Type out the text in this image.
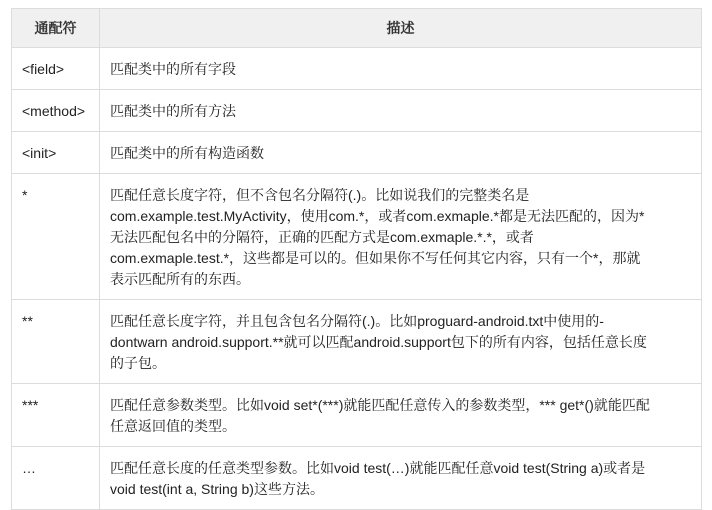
通配符	描述
<field>	匹配类中的所有字段

<method>	匹配类中的所有方法

<init>	匹配类中的所有构造函数

*	匹配任意长度字符，但不含包名分隔符(.)。比如说我们的完整类名是
com.example.test.MyActivity，使用com.*，或者com.exmaple.*都是无法匹配的，因为*
无法匹配包名中的分隔符，正确的匹配方式是com.exmaple.*.*，或者
com.exmaple.test.*，这些都是可以的。但如果你不写任何其它内容，只有一个*，那就
表示匹配所有的东西。

**	匹配任意长度字符，并且包含包名分隔符(.)。比如proguard-android.txt中使用的-
dontwarn android.support.**就可以匹配android.support包下的所有内容，包括任意长度
的子包。

***	匹配任意参数类型。比如void set*(***)就能匹配任意传入的参数类型，*** get*()就能匹配
任意返回值的类型。

…	匹配任意长度的任意类型参数。比如void test(…)就能匹配任意void test(String a)或者是
void test(int a, String b)这些方法。
